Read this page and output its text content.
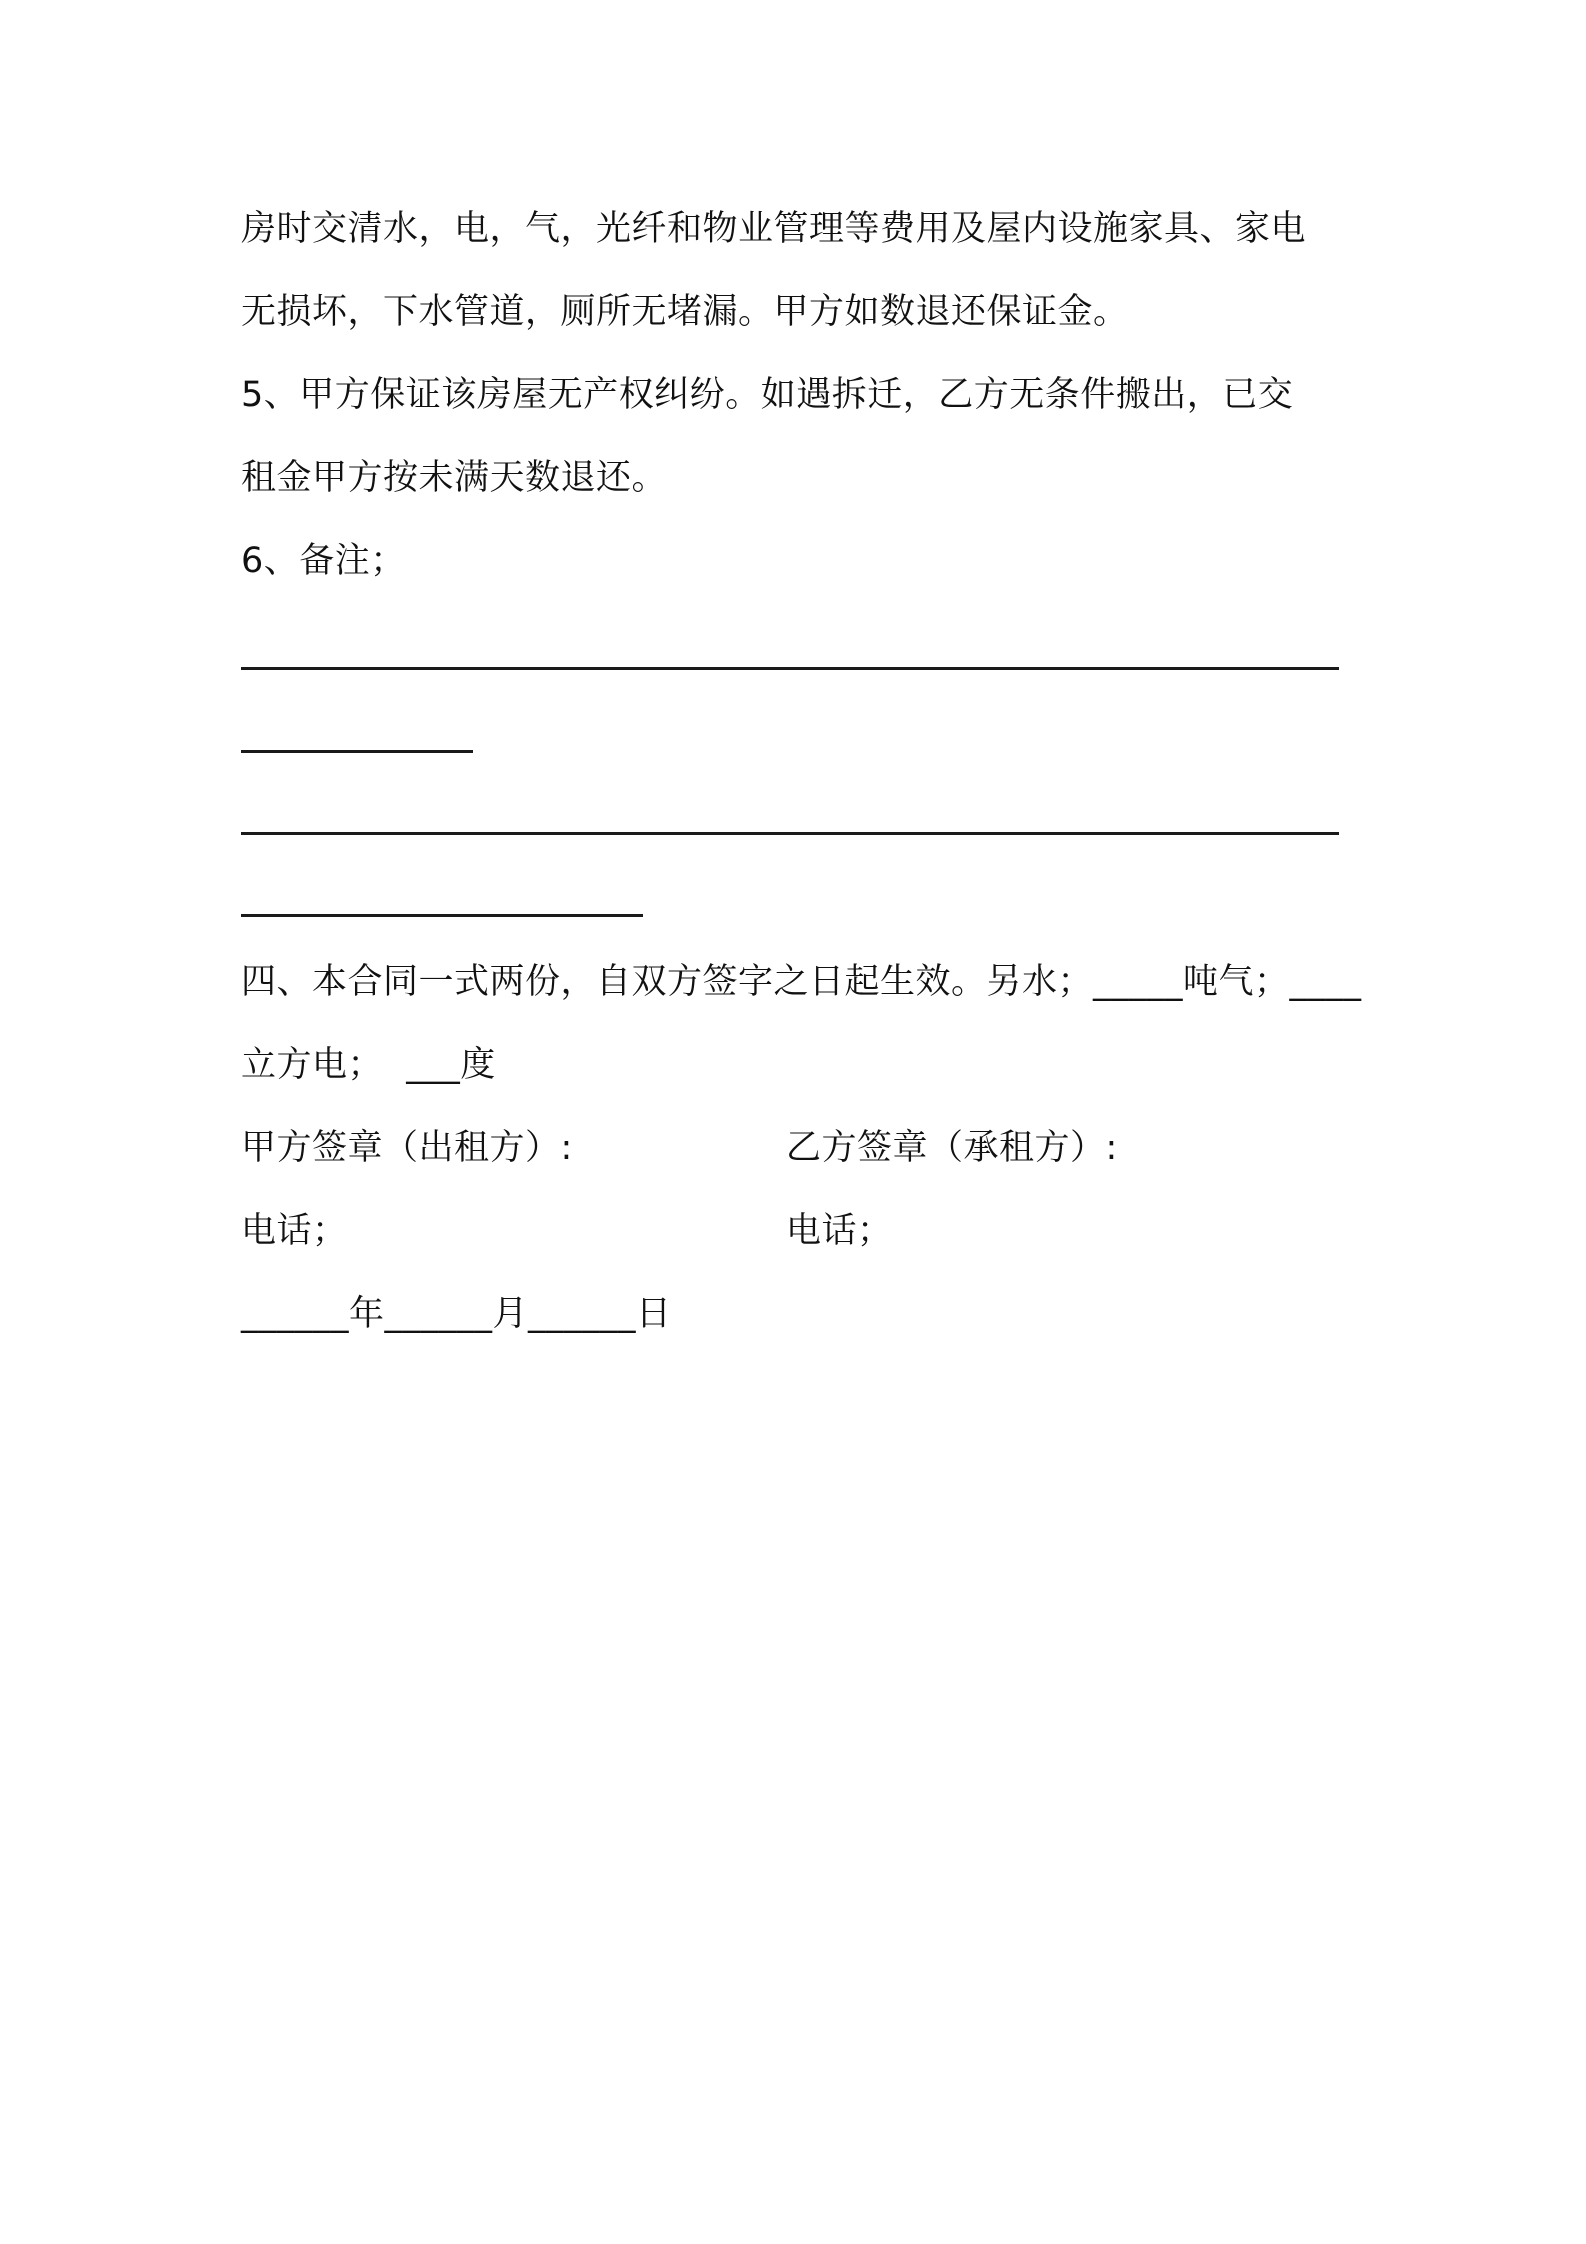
房时交清水，电，气，光纤和物业管理等费用及屋内设施家具、家电
无损坏，下水管道，厕所无堵漏。甲方如数退还保证金。
5、甲方保证该房屋无产权纠纷。如遇拆迁，乙方无条件搬出，已交
租金甲方按未满天数退还。
6、备注；
四、本合同一式两份，自双方签字之日起生效。另水；_____吨气；____
立方电；  ___度
甲方签章（出租方）:	乙方签章（承租方）:
电话；	电话；
______年______月______日
